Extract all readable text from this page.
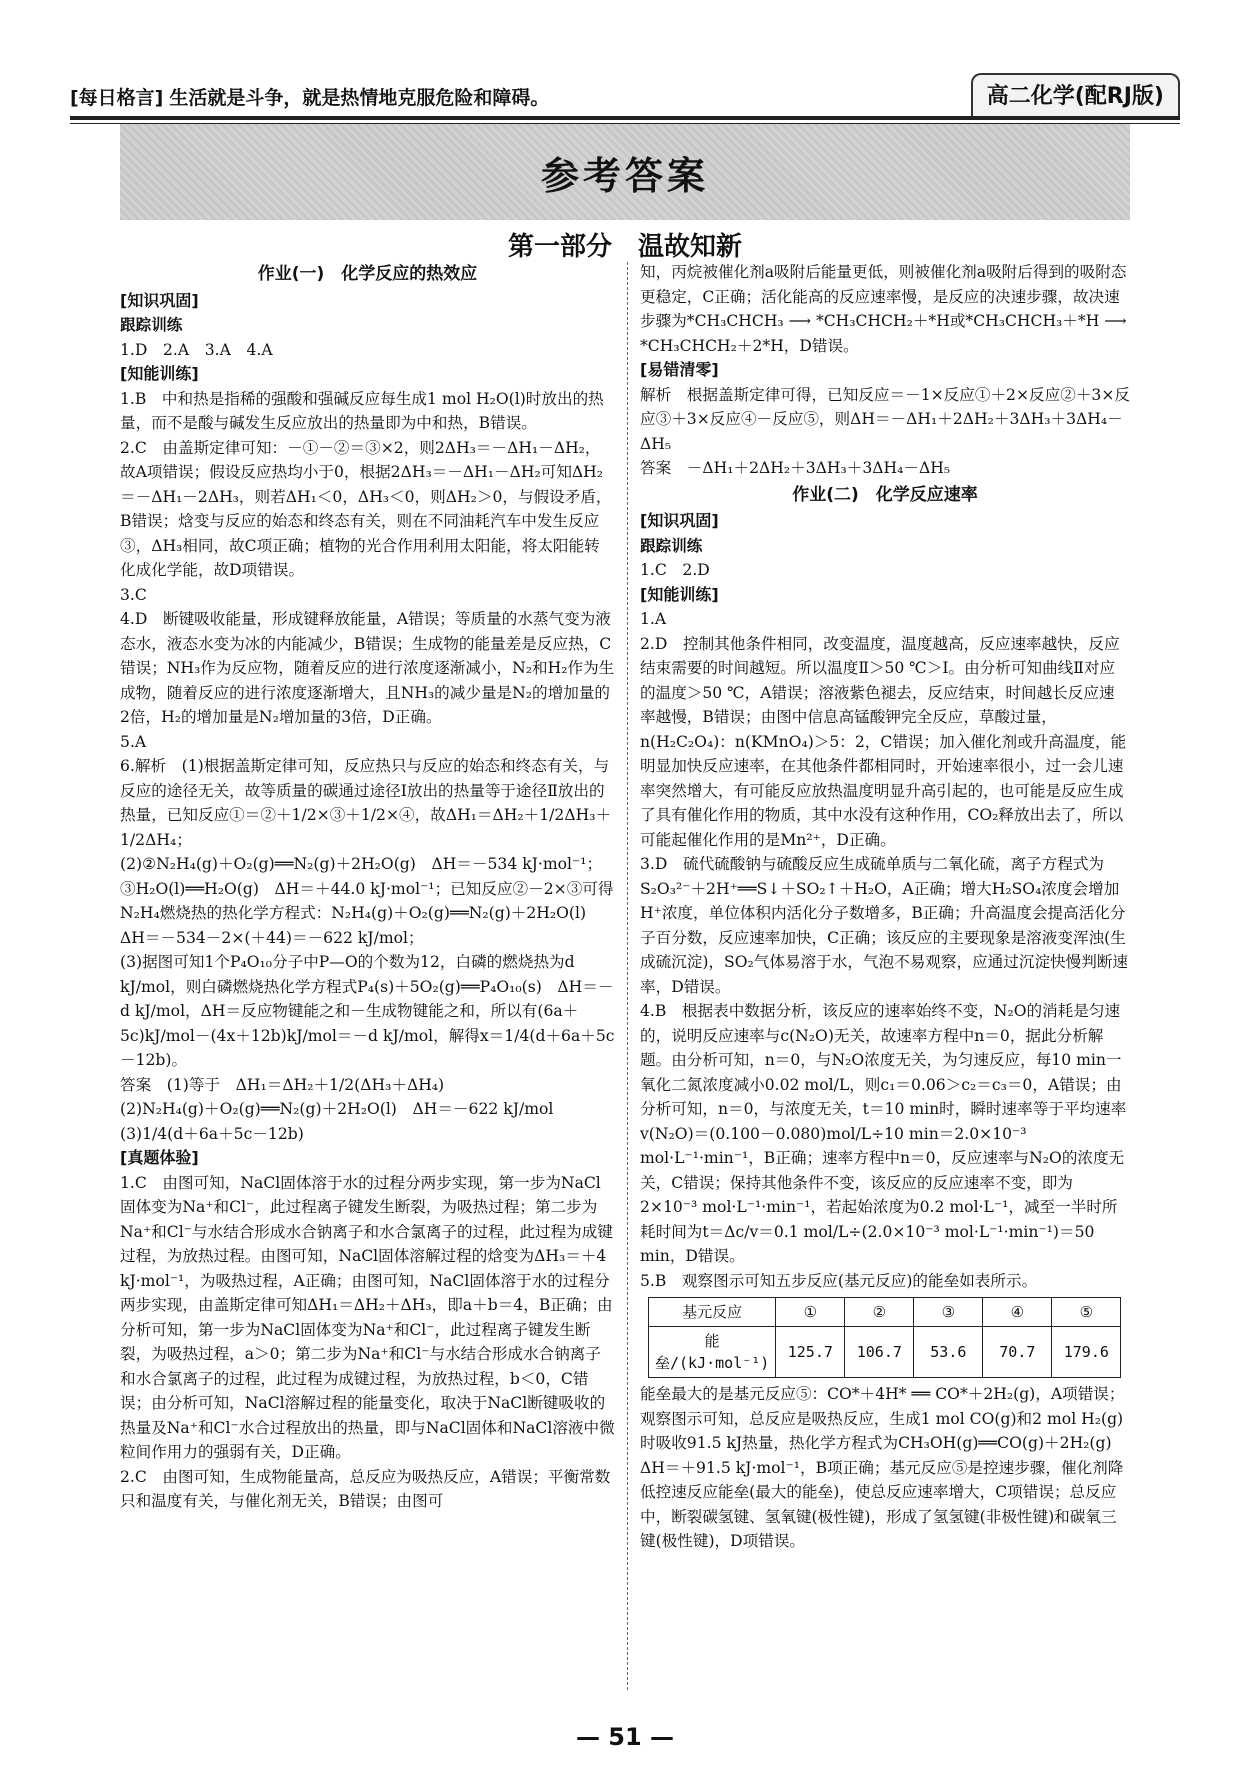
[每日格言] 生活就是斗争，就是热情地克服危险和障碍。	高二化学(配RJ版)
参考答案
第一部分　温故知新

作业(一)　化学反应的热效应

[知识巩固]

跟踪训练

1.D　2.A　3.A　4.A

[知能训练]

1.B　中和热是指稀的强酸和强碱反应每生成1 mol H₂O(l)时放出的热量，而不是酸与碱发生反应放出的热量即为中和热，B错误。

2.C　由盖斯定律可知：－①－②＝③×2，则2ΔH₃＝－ΔH₁－ΔH₂，故A项错误；假设反应热均小于0，根据2ΔH₃＝－ΔH₁－ΔH₂可知ΔH₂＝－ΔH₁－2ΔH₃，则若ΔH₁＜0，ΔH₃＜0，则ΔH₂＞0，与假设矛盾，B错误；焓变与反应的始态和终态有关，则在不同油耗汽车中发生反应③，ΔH₃相同，故C项正确；植物的光合作用利用太阳能，将太阳能转化成化学能，故D项错误。

3.C

4.D　断键吸收能量，形成键释放能量，A错误；等质量的水蒸气变为液态水，液态水变为冰的内能减少，B错误；生成物的能量差是反应热，C错误；NH₃作为反应物，随着反应的进行浓度逐渐减小，N₂和H₂作为生成物，随着反应的进行浓度逐渐增大，且NH₃的减少量是N₂的增加量的2倍，H₂的增加量是N₂增加量的3倍，D正确。

5.A

6.解析　(1)根据盖斯定律可知，反应热只与反应的始态和终态有关，与反应的途径无关，故等质量的碳通过途径Ⅰ放出的热量等于途径Ⅱ放出的热量，已知反应①＝②＋1/2×③＋1/2×④，故ΔH₁＝ΔH₂＋1/2ΔH₃＋1/2ΔH₄；

(2)②N₂H₄(g)＋O₂(g)══N₂(g)＋2H₂O(g)　ΔH＝－534 kJ·mol⁻¹；③H₂O(l)══H₂O(g)　ΔH＝＋44.0 kJ·mol⁻¹；已知反应②－2×③可得N₂H₄燃烧热的热化学方程式：N₂H₄(g)＋O₂(g)══N₂(g)＋2H₂O(l)　ΔH＝－534－2×(＋44)＝－622 kJ/mol；

(3)据图可知1个P₄O₁₀分子中P—O的个数为12，白磷的燃烧热为d kJ/mol，则白磷燃烧热化学方程式P₄(s)＋5O₂(g)══P₄O₁₀(s)　ΔH＝－d kJ/mol，ΔH＝反应物键能之和－生成物键能之和，所以有(6a＋5c)kJ/mol－(4x＋12b)kJ/mol＝－d kJ/mol，解得x＝1/4(d＋6a＋5c－12b)。

答案　(1)等于　ΔH₁＝ΔH₂＋1/2(ΔH₃＋ΔH₄)

(2)N₂H₄(g)＋O₂(g)══N₂(g)＋2H₂O(l)　ΔH＝－622 kJ/mol

(3)1/4(d＋6a＋5c－12b)

[真题体验]

1.C　由图可知，NaCl固体溶于水的过程分两步实现，第一步为NaCl固体变为Na⁺和Cl⁻，此过程离子键发生断裂，为吸热过程；第二步为Na⁺和Cl⁻与水结合形成水合钠离子和水合氯离子的过程，此过程为成键过程，为放热过程。由图可知，NaCl固体溶解过程的焓变为ΔH₃＝＋4 kJ·mol⁻¹，为吸热过程，A正确；由图可知，NaCl固体溶于水的过程分两步实现，由盖斯定律可知ΔH₁＝ΔH₂＋ΔH₃，即a＋b＝4，B正确；由分析可知，第一步为NaCl固体变为Na⁺和Cl⁻，此过程离子键发生断裂，为吸热过程，a＞0；第二步为Na⁺和Cl⁻与水结合形成水合钠离子和水合氯离子的过程，此过程为成键过程，为放热过程，b＜0，C错误；由分析可知，NaCl溶解过程的能量变化，取决于NaCl断键吸收的热量及Na⁺和Cl⁻水合过程放出的热量，即与NaCl固体和NaCl溶液中微粒间作用力的强弱有关，D正确。

2.C　由图可知，生成物能量高，总反应为吸热反应，A错误；平衡常数只和温度有关，与催化剂无关，B错误；由图可

知，丙烷被催化剂a吸附后能量更低，则被催化剂a吸附后得到的吸附态更稳定，C正确；活化能高的反应速率慢，是反应的决速步骤，故决速步骤为*CH₃CHCH₃ ⟶ *CH₃CHCH₂＋*H或*CH₃CHCH₃＋*H ⟶ *CH₃CHCH₂＋2*H，D错误。

[易错清零]

解析　根据盖斯定律可得，已知反应＝－1×反应①＋2×反应②＋3×反应③＋3×反应④－反应⑤，则ΔH＝－ΔH₁＋2ΔH₂＋3ΔH₃＋3ΔH₄－ΔH₅

答案　－ΔH₁＋2ΔH₂＋3ΔH₃＋3ΔH₄－ΔH₅

作业(二)　化学反应速率

[知识巩固]

跟踪训练

1.C　2.D

[知能训练]

1.A

2.D　控制其他条件相同，改变温度，温度越高，反应速率越快，反应结束需要的时间越短。所以温度Ⅱ＞50 ℃＞Ⅰ。由分析可知曲线Ⅱ对应的温度＞50 ℃，A错误；溶液紫色褪去，反应结束，时间越长反应速率越慢，B错误；由图中信息高锰酸钾完全反应，草酸过量，n(H₂C₂O₄)：n(KMnO₄)＞5：2，C错误；加入催化剂或升高温度，能明显加快反应速率，在其他条件都相同时，开始速率很小，过一会儿速率突然增大，有可能反应放热温度明显升高引起的，也可能是反应生成了具有催化作用的物质，其中水没有这种作用，CO₂释放出去了，所以可能起催化作用的是Mn²⁺，D正确。

3.D　硫代硫酸钠与硫酸反应生成硫单质与二氧化硫，离子方程式为S₂O₃²⁻＋2H⁺══S↓＋SO₂↑＋H₂O，A正确；增大H₂SO₄浓度会增加H⁺浓度，单位体积内活化分子数增多，B正确；升高温度会提高活化分子百分数，反应速率加快，C正确；该反应的主要现象是溶液变浑浊(生成硫沉淀)，SO₂气体易溶于水，气泡不易观察，应通过沉淀快慢判断速率，D错误。

4.B　根据表中数据分析，该反应的速率始终不变，N₂O的消耗是匀速的，说明反应速率与c(N₂O)无关，故速率方程中n＝0，据此分析解题。由分析可知，n＝0，与N₂O浓度无关，为匀速反应，每10 min一氧化二氮浓度减小0.02 mol/L，则c₁＝0.06＞c₂＝c₃＝0，A错误；由分析可知，n＝0，与浓度无关，t＝10 min时，瞬时速率等于平均速率v(N₂O)＝(0.100－0.080)mol/L÷10 min＝2.0×10⁻³ mol·L⁻¹·min⁻¹，B正确；速率方程中n＝0，反应速率与N₂O的浓度无关，C错误；保持其他条件不变，该反应的反应速率不变，即为2×10⁻³ mol·L⁻¹·min⁻¹，若起始浓度为0.2 mol·L⁻¹，减至一半时所耗时间为t＝Δc/v＝0.1 mol/L÷(2.0×10⁻³ mol·L⁻¹·min⁻¹)＝50 min，D错误。

5.B　观察图示可知五步反应(基元反应)的能垒如表所示。

基元反应	①	②	③	④	⑤
能垒/(kJ·mol⁻¹)	125.7	106.7	53.6	70.7	179.6

能垒最大的是基元反应⑤：CO*＋4H* ══ CO*＋2H₂(g)，A项错误；观察图示可知，总反应是吸热反应，生成1 mol CO(g)和2 mol H₂(g)时吸收91.5 kJ热量，热化学方程式为CH₃OH(g)══CO(g)＋2H₂(g)　ΔH＝＋91.5 kJ·mol⁻¹，B项正确；基元反应⑤是控速步骤，催化剂降低控速反应能垒(最大的能垒)，使总反应速率增大，C项错误；总反应中，断裂碳氢键、氢氧键(极性键)，形成了氢氢键(非极性键)和碳氧三键(极性键)，D项错误。

— 51 —
